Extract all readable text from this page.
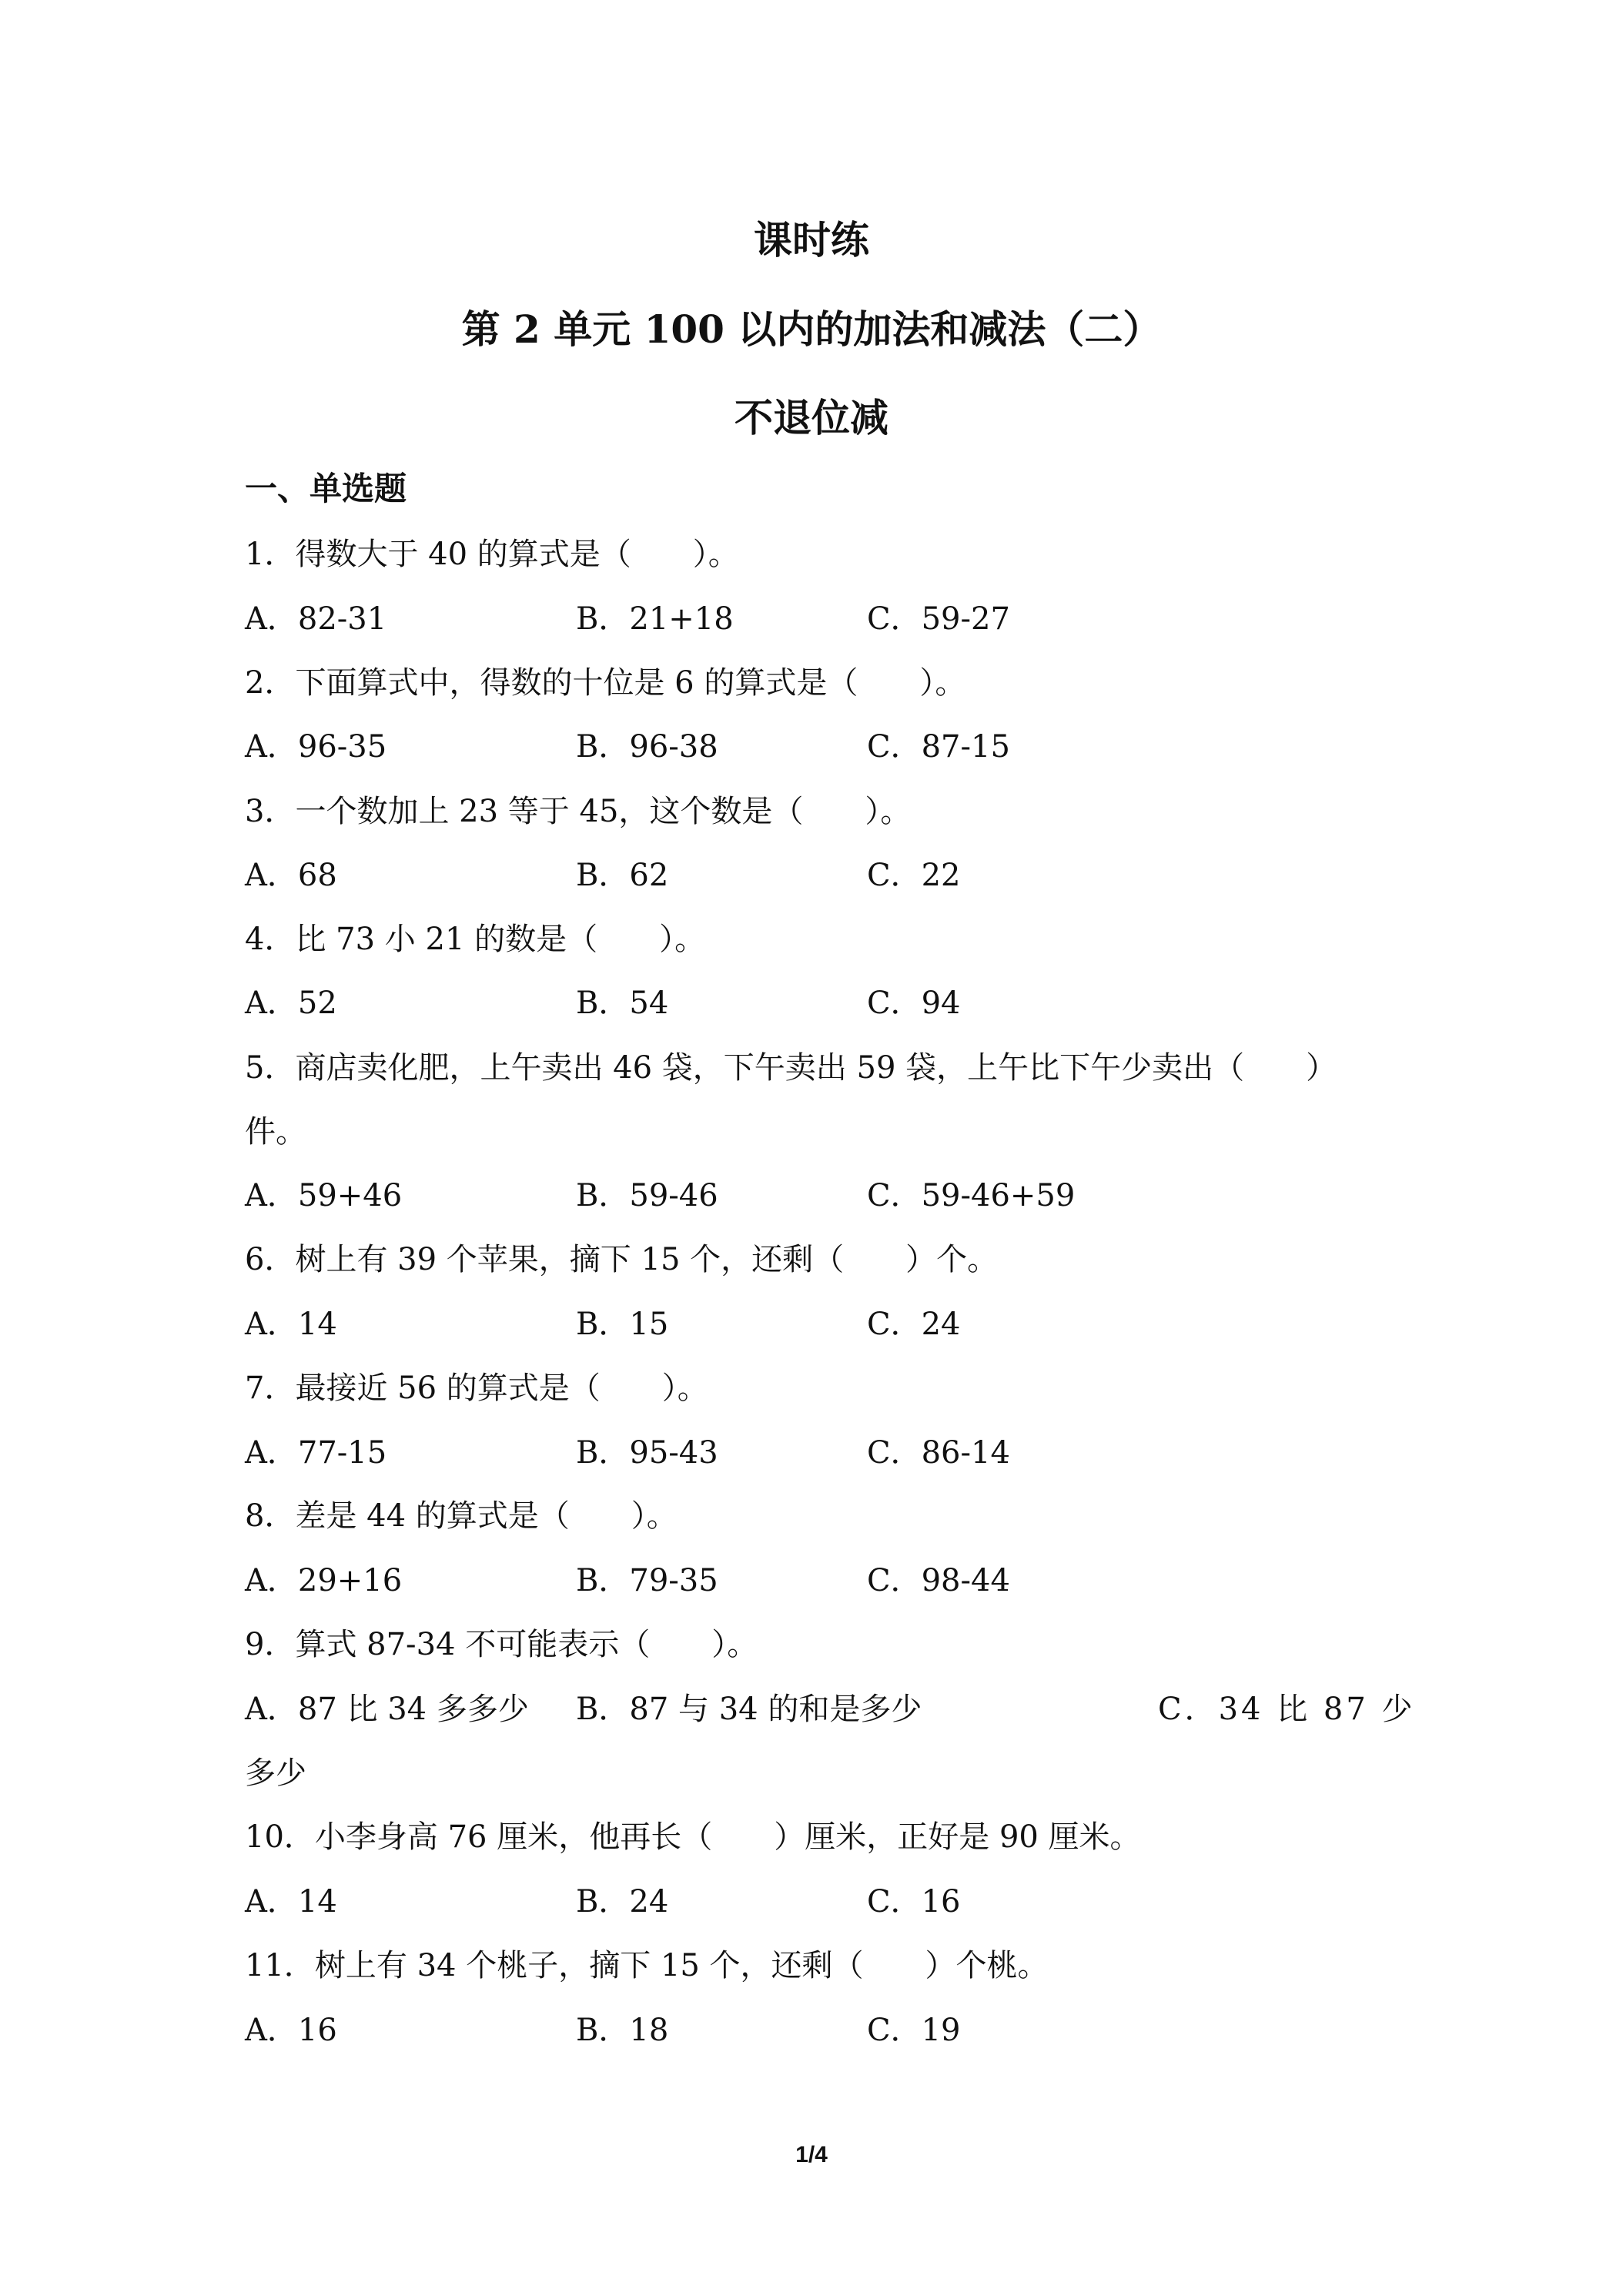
课时练
第 2 单元 100 以内的加法和减法（二）
不退位减
一、单选题
1．得数大于 40 的算式是（　　）。
A．82-31	B．21+18	C．59-27
2．下面算式中，得数的十位是 6 的算式是（　　）。
A．96-35	B．96-38	C．87-15
3．一个数加上 23 等于 45，这个数是（　　）。
A．68	B．62	C．22
4．比 73 小 21 的数是（　　）。
A．52	B．54	C．94
5．商店卖化肥，上午卖出 46 袋，下午卖出 59 袋，上午比下午少卖出（　　）
件。
A．59+46	B．59-46	C．59-46+59
6．树上有 39 个苹果，摘下 15 个，还剩（　　）个。
A．14	B．15	C．24
7．最接近 56 的算式是（　　）。
A．77-15	B．95-43	C．86-14
8．差是 44 的算式是（　　）。
A．29+16	B．79-35	C．98-44
9．算式 87-34 不可能表示（　　）。
A．87 比 34 多多少 B．87 与 34 的和是多少	C．34 比 87 少
多少
10．小李身高 76 厘米，他再长（　　）厘米，正好是 90 厘米。
A．14	B．24	C．16
11．树上有 34 个桃子，摘下 15 个，还剩（　　）个桃。
A．16	B．18	C．19
1/4
